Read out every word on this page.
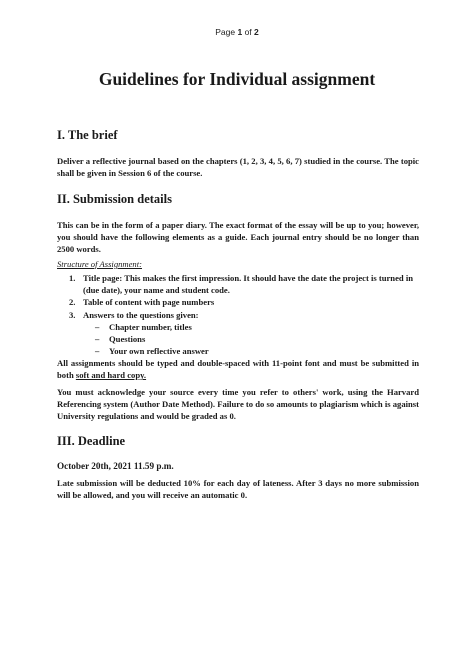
Page 1 of 2
Guidelines for Individual assignment
I. The brief

Deliver a reflective journal based on the chapters (1, 2, 3, 4, 5, 6, 7) studied in the course. The topic shall be given in Session 6 of the course.

II. Submission details

This can be in the form of a paper diary. The exact format of the essay will be up to you; however, you should have the following elements as a guide. Each journal entry should be no longer than 2500 words.

Structure of Assignment:

1. Title page: This makes the first impression. It should have the date the project is turned in (due date), your name and student code.
2. Table of content with page numbers
3. Answers to the questions given:
– Chapter number, titles
– Questions
– Your own reflective answer

All assignments should be typed and double-spaced with 11-point font and must be submitted in both soft and hard copy.

You must acknowledge your source every time you refer to others' work, using the Harvard Referencing system (Author Date Method). Failure to do so amounts to plagiarism which is against University regulations and would be graded as 0.

III. Deadline

October 20th, 2021 11.59 p.m.

Late submission will be deducted 10% for each day of lateness. After 3 days no more submission will be allowed, and you will receive an automatic 0.
